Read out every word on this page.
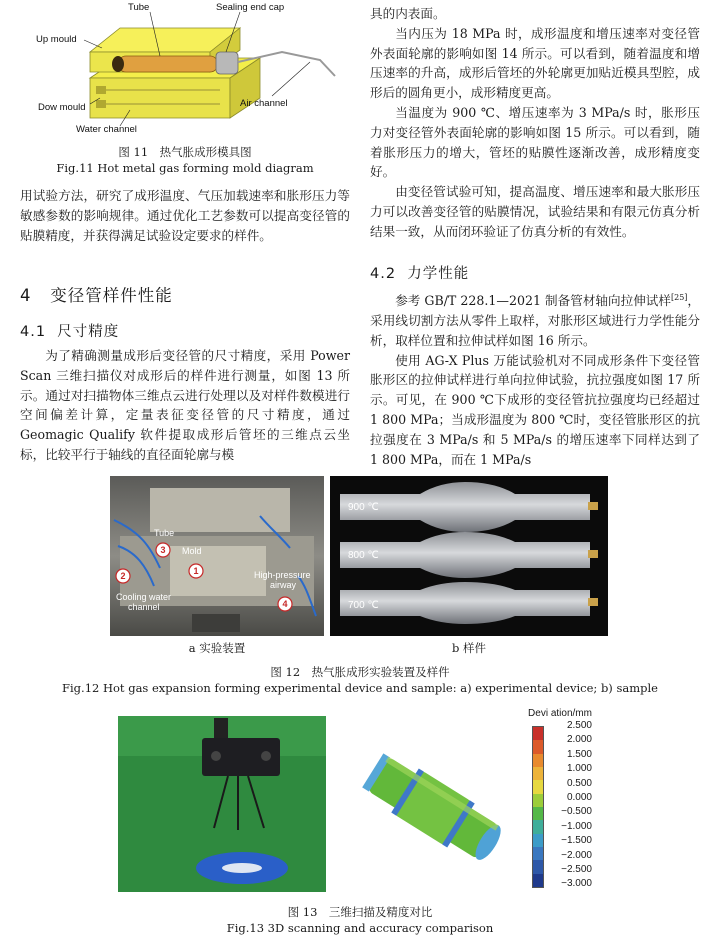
Tube	Sealing end cap
Up mould
Dow mould
Water channel
Air channel
图 11　热气胀成形模具图
Fig.11 Hot metal gas forming mold diagram

用试验方法，研究了成形温度、气压加载速率和胀形压力等敏感参数的影响规律。通过优化工艺参数可以提高变径管的贴膜精度，并获得满足试验设定要求的样件。

4 变径管样件性能
4.1 尺寸精度

为了精确测量成形后变径管的尺寸精度，采用 Power Scan 三维扫描仪对成形后的样件进行测量，如图 13 所示。通过对扫描物体三维点云进行处理以及对样件数模进行空间偏差计算，定量表征变径管的尺寸精度，通过 Geomagic Qualify 软件提取成形后管坯的三维点云坐标，比较平行于轴线的直径面轮廓与模

具的内表面。

当内压为 18 MPa 时，成形温度和增压速率对变径管外表面轮廓的影响如图 14 所示。可以看到，随着温度和增压速率的升高，成形后管坯的外轮廓更加贴近模具型腔，成形后的圆角更小，成形精度更高。

当温度为 900 ℃、增压速率为 3 MPa/s 时，胀形压力对变径管外表面轮廓的影响如图 15 所示。可以看到，随着胀形压力的增大，管坯的贴膜性逐渐改善，成形精度变好。

由变径管试验可知，提高温度、增压速率和最大胀形压力可以改善变径管的贴膜情况，试验结果和有限元仿真分析结果一致，从而闭环验证了仿真分析的有效性。

4.2 力学性能

参考 GB/T 228.1—2021 制备管材轴向拉伸试样[25]，采用线切割方法从零件上取样，对胀形区域进行力学性能分析，取样位置和拉伸试样如图 16 所示。

使用 AG-X Plus 万能试验机对不同成形条件下变径管胀形区的拉伸试样进行单向拉伸试验，抗拉强度如图 17 所示。可见，在 900 ℃下成形的变径管抗拉强度均已经超过 1 800 MPa；当成形温度为 800 ℃时，变径管胀形区的抗拉强度在 3 MPa/s 和 5 MPa/s 的增压速率下同样达到了 1 800 MPa，而在 1 MPa/s

1
2
3
4
Tube
Mold
Cooling water
channel
High-pressure
airway
900 ℃
800 ℃
700 ℃
a 实验装置	b 样件
图 12　热气胀成形实验装置及样件
Fig.12 Hot gas expansion forming experimental device and sample: a) experimental device; b) sample
Devi ation/mm
2.500
2.000
1.500
1.000
0.500
0.000
−0.500
−1.000
−1.500
−2.000
−2.500
−3.000
图 13　三维扫描及精度对比
Fig.13 3D scanning and accuracy comparison
